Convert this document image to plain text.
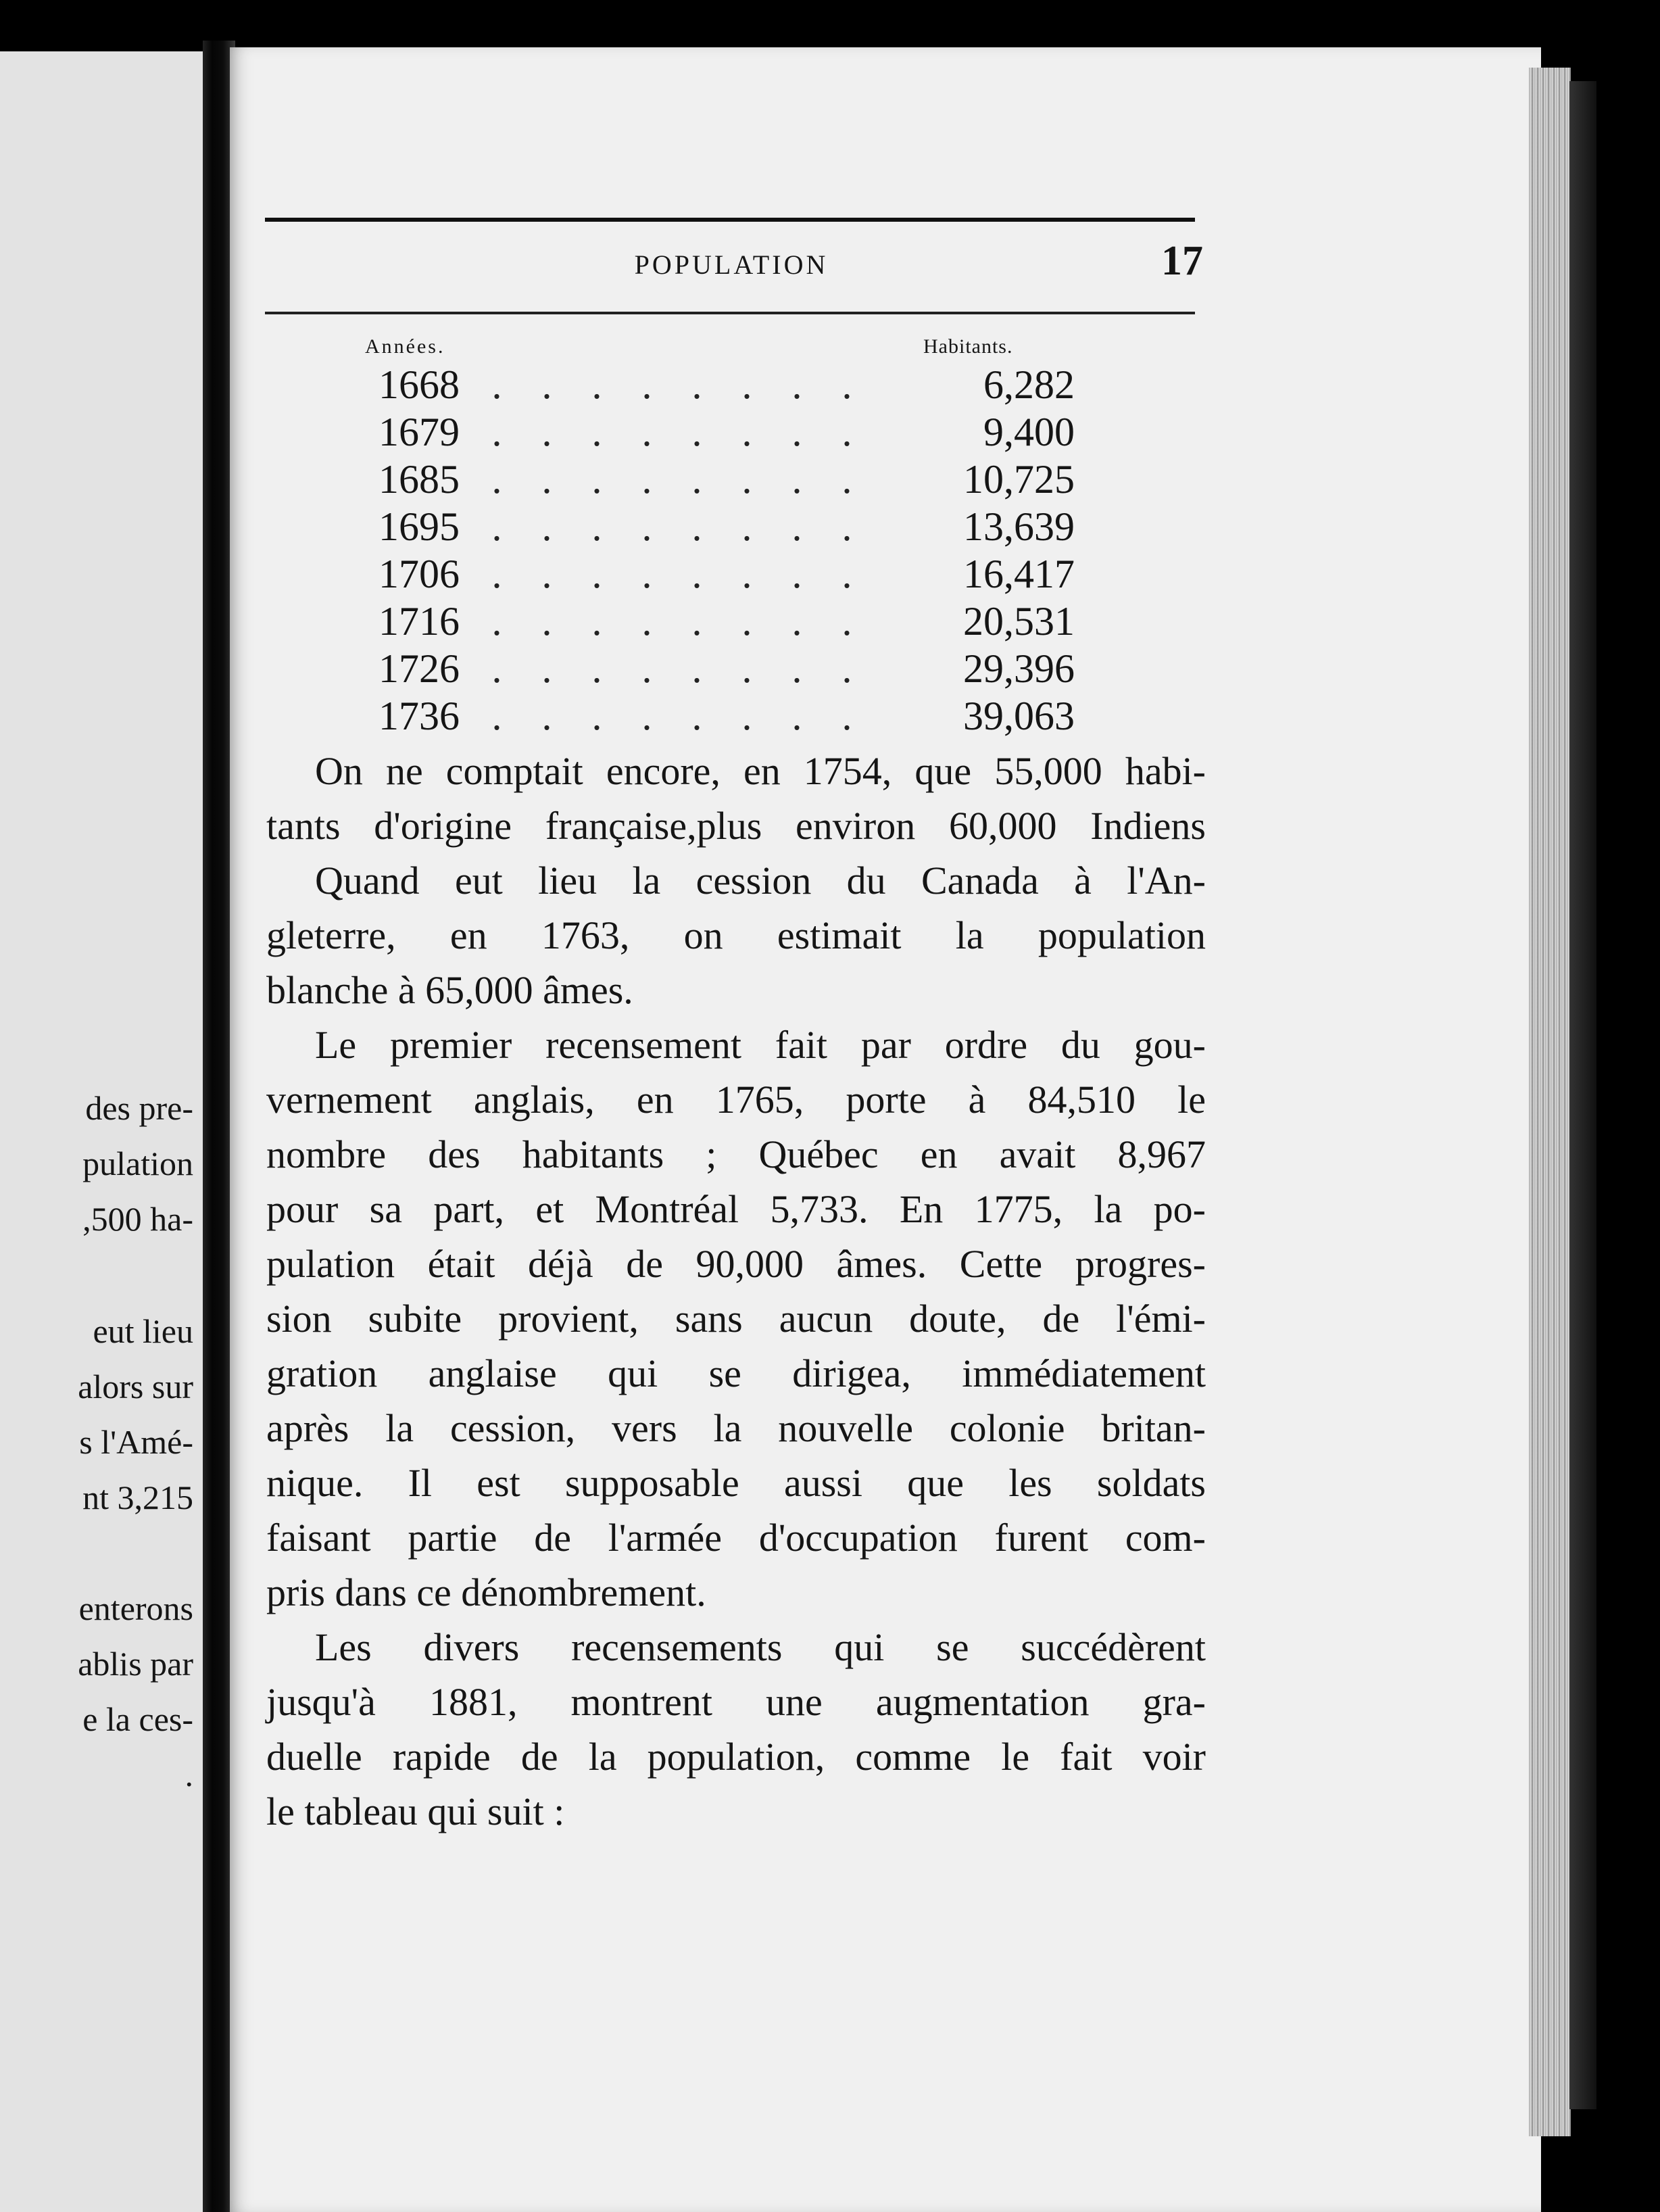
des pre-
pulation
,500 ha-
eut lieu
alors sur
s l'Amé-
nt 3,215
enterons
ablis par
e la ces-
.
POPULATION	17
Années.	Habitants.
1668	. . . . . . . .	6,282
1679	. . . . . . . .	9,400
1685	. . . . . . . .	10,725
1695	. . . . . . . .	13,639
1706	. . . . . . . .	16,417
1716	. . . . . . . .	20,531
1726	. . . . . . . .	29,396
1736	. . . . . . . .	39,063
On ne comptait encore, en 1754, que 55,000 habi-
tants d'origine française,plus environ 60,000 Indiens
Quand eut lieu la cession du Canada à l'An-
gleterre, en 1763, on estimait la population
blanche à 65,000 âmes.
Le premier recensement fait par ordre du gou-
vernement anglais, en 1765, porte à 84,510 le
nombre des habitants ; Québec en avait 8,967
pour sa part, et Montréal 5,733. En 1775, la po-
pulation était déjà de 90,000 âmes. Cette progres-
sion subite provient, sans aucun doute, de l'émi-
gration anglaise qui se dirigea, immédiatement
après la cession, vers la nouvelle colonie britan-
nique. Il est supposable aussi que les soldats
faisant partie de l'armée d'occupation furent com-
pris dans ce dénombrement.
Les divers recensements qui se succédèrent
jusqu'à 1881, montrent une augmentation gra-
duelle rapide de la population, comme le fait voir
le tableau qui suit :
